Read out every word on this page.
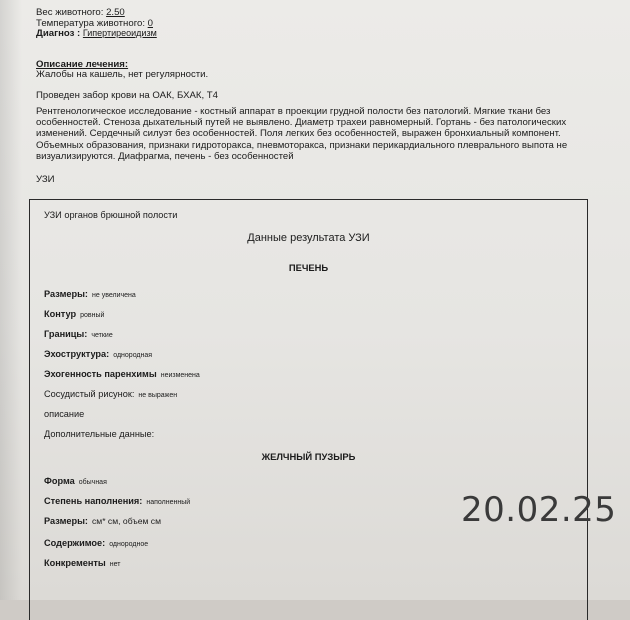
Вес животного: 2.50
Температура животного: 0
Диагноз : Гипертиреоидизм
Описание лечения:
Жалобы на кашель, нет регулярности.
Проведен забор крови на ОАК, БХАК, Т4
Рентгенологическое исследование - костный аппарат в проекции грудной полости без патологий. Мягкие ткани без
особенностей. Стеноза дыхательный путей не выявлено. Диаметр трахеи равномерный. Гортань - без патологических
изменений. Сердечный силуэт без особенностей. Поля легких без особенностей, выражен бронхиальный компонент.
Объемных образования, признаки гидроторакса, пневмоторакса, признаки перикардиального плеврального выпота не
визуализируются. Диафрагма, печень - без особенностей
УЗИ
УЗИ органов брюшной полости
Данные результата УЗИ
ПЕЧЕНЬ
Размеры: не увеличена
Контур ровный
Границы: четкие
Эхоструктура: однородная
Эхогенность паренхимы неизменена
Сосудистый рисунок: не выражен
описание
Дополнительные данные:
ЖЕЛЧНЫЙ ПУЗЫРЬ
Форма обычная
Степень наполнения: наполненный
Размеры: см* см, объем см
Содержимое: однородное
Конкременты нет
20.02.25
